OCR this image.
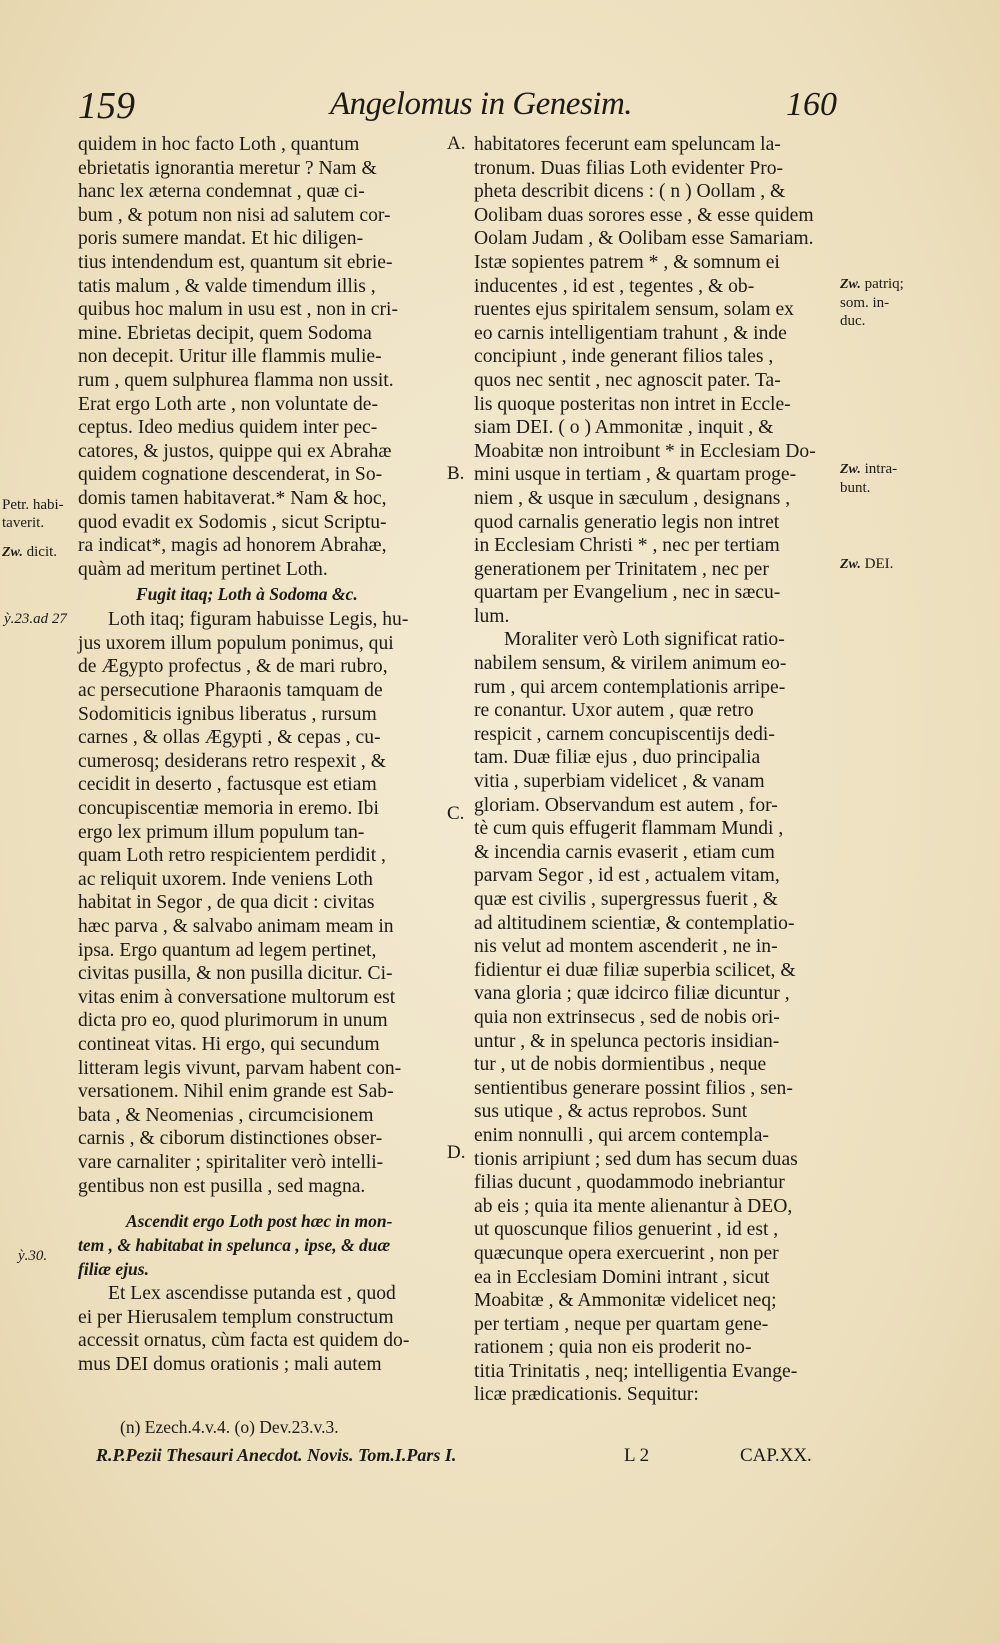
159	Angelomus in Genesim.	160
quidem in hoc facto Loth , quantum
ebrietatis ignorantia meretur ? Nam &
hanc lex æterna condemnat , quæ ci-
bum , & potum non nisi ad salutem cor-
poris sumere mandat. Et hic diligen-
tius intendendum est, quantum sit ebrie-
tatis malum , & valde timendum illis ,
quibus hoc malum in usu est , non in cri-
mine. Ebrietas decipit, quem Sodoma
non decepit. Uritur ille flammis mulie-
rum , quem sulphurea flamma non ussit.
Erat ergo Loth arte , non voluntate de-
ceptus. Ideo medius quidem inter pec-
catores, & justos, quippe qui ex Abrahæ
quidem cognatione descenderat, in So-
domis tamen habitaverat.* Nam & hoc,
quod evadit ex Sodomis , sicut Scriptu-
ra indicat*, magis ad honorem Abrahæ,
quàm ad meritum pertinet Loth.
Fugit itaq; Loth à Sodoma &c.
Loth itaq; figuram habuisse Legis, hu-
jus uxorem illum populum ponimus, qui
de Ægypto profectus , & de mari rubro,
ac persecutione Pharaonis tamquam de
Sodomiticis ignibus liberatus , rursum
carnes , & ollas Ægypti , & cepas , cu-
cumerosq; desiderans retro respexit , &
cecidit in deserto , factusque est etiam
concupiscentiæ memoria in eremo. Ibi
ergo lex primum illum populum tan-
quam Loth retro respicientem perdidit ,
ac reliquit uxorem. Inde veniens Loth
habitat in Segor , de qua dicit : civitas
hæc parva , & salvabo animam meam in
ipsa. Ergo quantum ad legem pertinet,
civitas pusilla, & non pusilla dicitur. Ci-
vitas enim à conversatione multorum est
dicta pro eo, quod plurimorum in unum
contineat vitas. Hi ergo, qui secundum
litteram legis vivunt, parvam habent con-
versationem. Nihil enim grande est Sab-
bata , & Neomenias , circumcisionem
carnis , & ciborum distinctiones obser-
vare carnaliter ; spiritaliter verò intelli-
gentibus non est pusilla , sed magna.
Ascendit ergo Loth post hæc in mon-
tem , & habitabat in spelunca , ipse, & duæ
filiæ ejus.
Et Lex ascendisse putanda est , quod
ei per Hierusalem templum constructum
accessit ornatus, cùm facta est quidem do-
mus DEI domus orationis ; mali autem
habitatores fecerunt eam speluncam la-
tronum. Duas filias Loth evidenter Pro-
pheta describit dicens : ( n ) Oollam , &
Oolibam duas sorores esse , & esse quidem
Oolam Judam , & Oolibam esse Samariam.
Istæ sopientes patrem * , & somnum ei
inducentes , id est , tegentes , & ob-
ruentes ejus spiritalem sensum, solam ex
eo carnis intelligentiam trahunt , & inde
concipiunt , inde generant filios tales ,
quos nec sentit , nec agnoscit pater. Ta-
lis quoque posteritas non intret in Eccle-
siam DEI. ( o ) Ammonitæ , inquit , &
Moabitæ non introibunt * in Ecclesiam Do-
mini usque in tertiam , & quartam proge-
niem , & usque in sæculum , designans ,
quod carnalis generatio legis non intret
in Ecclesiam Christi * , nec per tertiam
generationem per Trinitatem , nec per
quartam per Evangelium , nec in sæcu-
lum.
Moraliter verò Loth significat ratio-
nabilem sensum, & virilem animum eo-
rum , qui arcem contemplationis arripe-
re conantur. Uxor autem , quæ retro
respicit , carnem concupiscentijs dedi-
tam. Duæ filiæ ejus , duo principalia
vitia , superbiam videlicet , & vanam
gloriam. Observandum est autem , for-
tè cum quis effugerit flammam Mundi ,
& incendia carnis evaserit , etiam cum
parvam Segor , id est , actualem vitam,
quæ est civilis , supergressus fuerit , &
ad altitudinem scientiæ, & contemplatio-
nis velut ad montem ascenderit , ne in-
fidientur ei duæ filiæ superbia scilicet, &
vana gloria ; quæ idcirco filiæ dicuntur ,
quia non extrinsecus , sed de nobis ori-
untur , & in spelunca pectoris insidian-
tur , ut de nobis dormientibus , neque
sentientibus generare possint filios , sen-
sus utique , & actus reprobos. Sunt
enim nonnulli , qui arcem contempla-
tionis arripiunt ; sed dum has secum duas
filias ducunt , quodammodo inebriantur
ab eis ; quia ita mente alienantur à DEO,
ut quoscunque filios genuerint , id est ,
quæcunque opera exercuerint , non per
ea in Ecclesiam Domini intrant , sicut
Moabitæ , & Ammonitæ videlicet neq;
per tertiam , neque per quartam gene-
rationem ; quia non eis proderit no-
titia Trinitatis , neq; intelligentia Evange-
licæ prædicationis. Sequitur:
A.
B.
C.
D.
Petr. habi-
taverit.
Zw. dicit.
ỳ.23.ad 27
ỳ.30.
Zw. patriq;
som. in-
duc.
Zw. intra-
bunt.
Zw. DEI.
(n) Ezech.4.v.4. (o) Dev.23.v.3.
R.P.Pezii Thesauri Anecdot. Novis. Tom.I.Pars I.	L 2	CAP.XX.
